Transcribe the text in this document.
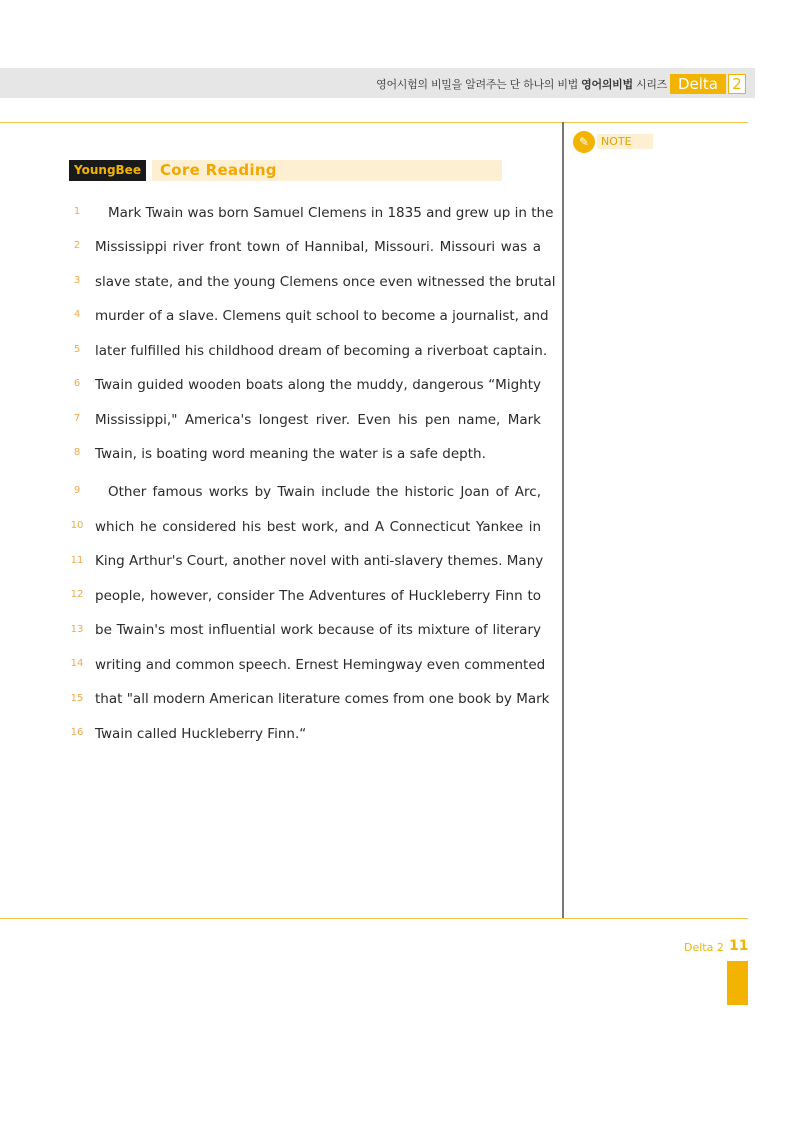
영어시험의 비밀을 알려주는 단 하나의 비법 영어의비법 시리즈 Delta 2
✎	NOTE
YoungBee	Core Reading
1	Mark Twain was born Samuel Clemens in 1835 and grew up in the
2 Mississippi river front town of Hannibal, Missouri. Missouri was a
3 slave state, and the young Clemens once even witnessed the brutal
4 murder of a slave. Clemens quit school to become a journalist, and
5 later fulfilled his childhood dream of becoming a riverboat captain.
6 Twain guided wooden boats along the muddy, dangerous “Mighty
7 Mississippi," America's longest river. Even his pen name, Mark
8 Twain, is boating word meaning the water is a safe depth.
9	Other famous works by Twain include the historic Joan of Arc,
10 which he considered his best work, and A Connecticut Yankee in
11 King Arthur's Court, another novel with anti-slavery themes. Many
12 people, however, consider The Adventures of Huckleberry Finn to
13 be Twain's most influential work because of its mixture of literary
14 writing and common speech. Ernest Hemingway even commented
15 that "all modern American literature comes from one book by Mark
16 Twain called Huckleberry Finn.“
Delta 2 11
